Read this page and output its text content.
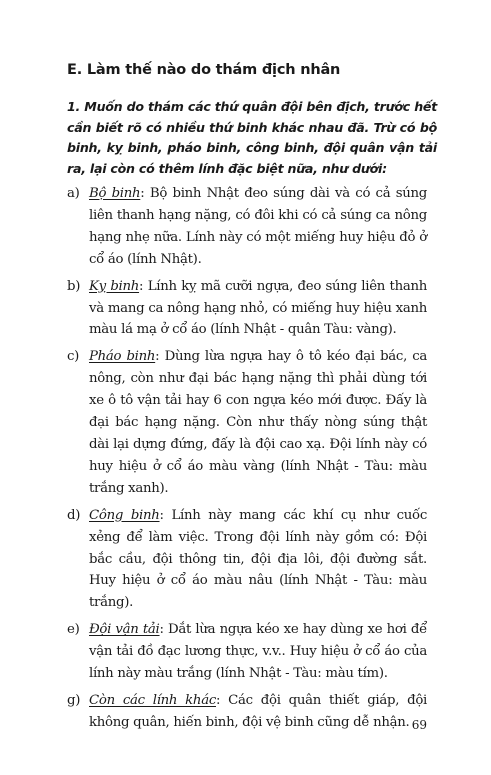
E. Làm thế nào do thám địch nhân
1. Muốn do thám các thứ quân đội bên địch, trước hết cần biết rõ có nhiều thứ binh khác nhau đã. Trừ có bộ binh, kỵ binh, pháo binh, công binh, đội quân vận tải ra, lại còn có thêm lính đặc biệt nữa, như dưới:
a) Bộ binh: Bộ binh Nhật đeo súng dài và có cả súng liên thanh hạng nặng, có đôi khi có cả súng ca nông hạng nhẹ nữa. Lính này có một miếng huy hiệu đỏ ở cổ áo (lính Nhật).
b) Kỵ binh: Lính kỵ mã cưỡi ngựa, đeo súng liên thanh và mang ca nông hạng nhỏ, có miếng huy hiệu xanh màu lá mạ ở cổ áo (lính Nhật - quân Tàu: vàng).
c) Pháo binh: Dùng lừa ngựa hay ô tô kéo đại bác, ca nông, còn như đại bác hạng nặng thì phải dùng tới xe ô tô vận tải hay 6 con ngựa kéo mới được. Đấy là đại bác hạng nặng. Còn như thấy nòng súng thật dài lại dựng đứng, đấy là đội cao xạ. Đội lính này có huy hiệu ở cổ áo màu vàng (lính Nhật - Tàu: màu trắng xanh).
d) Công binh: Lính này mang các khí cụ như cuốc xẻng để làm việc. Trong đội lính này gồm có: Đội bắc cầu, đội thông tin, đội địa lôi, đội đường sắt. Huy hiệu ở cổ áo màu nâu (lính Nhật - Tàu: màu trắng).
e) Đội vận tải: Dắt lừa ngựa kéo xe hay dùng xe hơi để vận tải đồ đạc lương thực, v.v.. Huy hiệu ở cổ áo của lính này màu trắng (lính Nhật - Tàu: màu tím).
g) Còn các lính khác: Các đội quân thiết giáp, đội không quân, hiến binh, đội vệ binh cũng dễ nhận. 69
